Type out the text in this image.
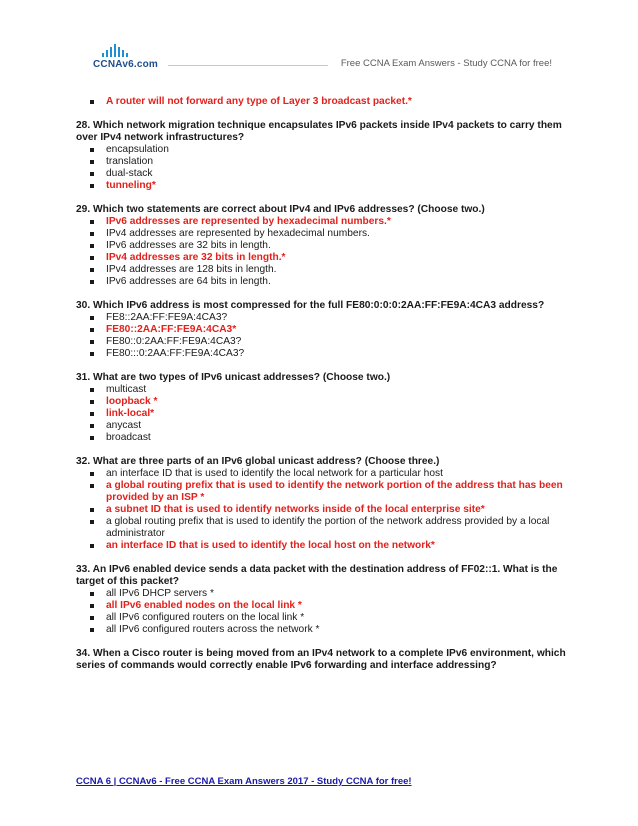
CCNAv6.com	Free CCNA Exam Answers - Study CCNA for free!
A router will not forward any type of Layer 3 broadcast packet.*
28. Which network migration technique encapsulates IPv6 packets inside IPv4 packets to carry them over IPv4 network infrastructures?
encapsulation
translation
dual-stack
tunneling*
29. Which two statements are correct about IPv4 and IPv6 addresses? (Choose two.)
IPv6 addresses are represented by hexadecimal numbers.*
IPv4 addresses are represented by hexadecimal numbers.
IPv6 addresses are 32 bits in length.
IPv4 addresses are 32 bits in length.*
IPv4 addresses are 128 bits in length.
IPv6 addresses are 64 bits in length.
30. Which IPv6 address is most compressed for the full FE80:0:0:0:2AA:FF:FE9A:4CA3 address?
FE8::2AA:FF:FE9A:4CA3?
FE80::2AA:FF:FE9A:4CA3*
FE80::0:2AA:FF:FE9A:4CA3?
FE80:::0:2AA:FF:FE9A:4CA3?
31. What are two types of IPv6 unicast addresses? (Choose two.)
multicast
loopback *
link-local*
anycast
broadcast
32. What are three parts of an IPv6 global unicast address? (Choose three.)
an interface ID that is used to identify the local network for a particular host
a global routing prefix that is used to identify the network portion of the address that has been provided by an ISP *
a subnet ID that is used to identify networks inside of the local enterprise site*
a global routing prefix that is used to identify the portion of the network address provided by a local administrator
an interface ID that is used to identify the local host on the network*
33. An IPv6 enabled device sends a data packet with the destination address of FF02::1. What is the target of this packet?
all IPv6 DHCP servers *
all IPv6 enabled nodes on the local link *
all IPv6 configured routers on the local link *
all IPv6 configured routers across the network *
34. When a Cisco router is being moved from an IPv4 network to a complete IPv6 environment, which series of commands would correctly enable IPv6 forwarding and interface addressing?
CCNA 6 | CCNAv6 - Free CCNA Exam Answers 2017 - Study CCNA for free!
